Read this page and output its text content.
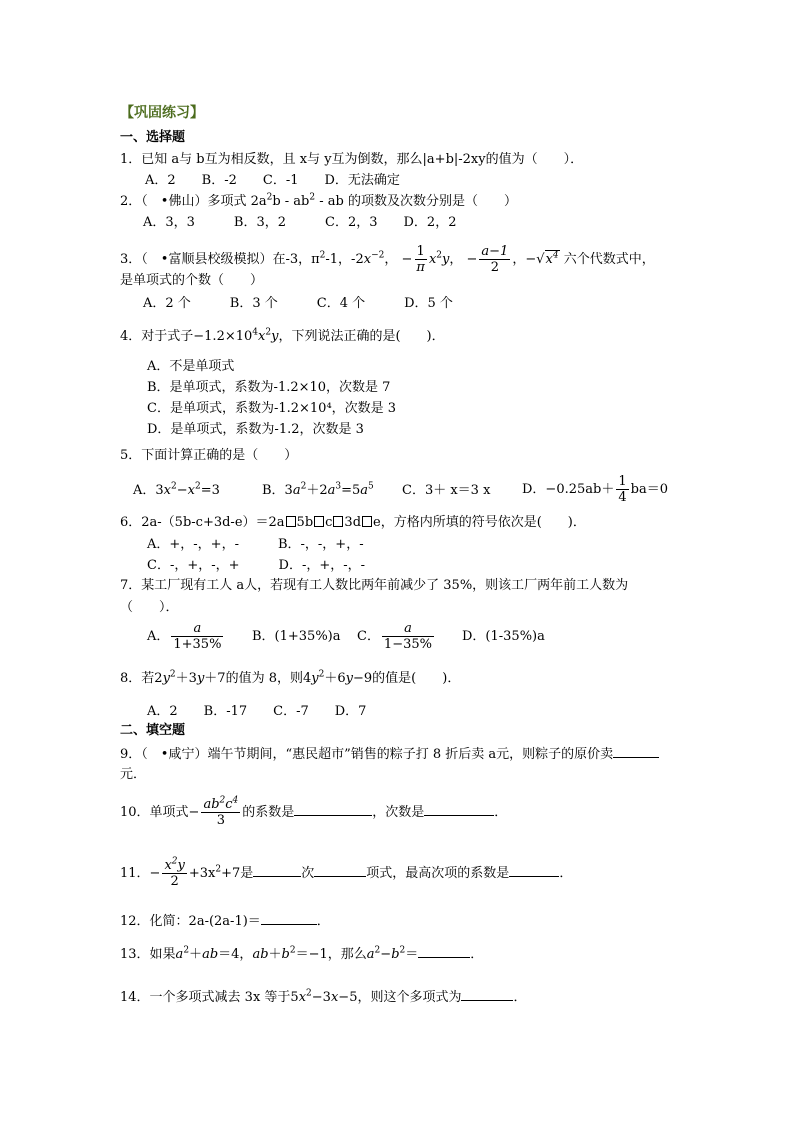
【巩固练习】
一、选择题
1．已知 a与 b互为相反数，且 x与 y互为倒数，那么|a+b|-2xy的值为（　　）．
A．2　　B．-2　　C．-1　　D．无法确定
2．（　•佛山）多项式 $2a^2b - ab^2$ - ab 的项数及次数分别是（　　）
A．3，3　　　B．3，2　　　C．2，3　　D．2，2
3．（　•富顺县校级模拟）在-3，$\pi^2-1$，$-2x^{-2}$， − $\frac{1}{\pi} x^2y$， − $\frac{a-1}{2}$ ，$-√x^4$ 六个代数式中，
是单项式的个数（　　）
A．2 个　　　B．3 个　　　C．4 个　　　D．5 个
4．对于式子$-1.2\times 10^4x^2y$，下列说法正确的是(　　)．
A．不是单项式
B．是单项式，系数为-1.2×10，次数是 7
C．是单项式，系数为-1.2×10⁴，次数是 3
D．是单项式，系数为-1.2，次数是 3
5．下面计算正确的是（　　）
A．$3x^2-x^2=3$	B．$3a^2+2a^3=5a^5$ C．3＋ x＝3 x D．$-0.25ab+ \frac{1}{4} ba=0$
6．2a-（5b-c+3d-e）＝2a 5b c 3d e，方格内所填的符号依次是(　　)．
A．+，-，+，-　　　B．-，-，+，-
C．-，+，-，+　　　D．-，+，-，-
7．某工厂现有工人 a人，若现有工人数比两年前减少了 35%，则该工厂两年前工人数为
（　　）．
A． $\frac{a}{1+35\%}$ B．(1+35%)a C． $\frac{a}{1-35\%}$ D．(1-35%)a
8．若$2y^2+3y+7$的值为 8，则$4y^2+6y-9$的值是(　　)．
A．2　　B．-17　　C．-7　　D．7
二、填空题
9．（　•咸宁）端午节期间，“惠民超市”销售的粽子打 8 折后卖 a元，则粽子的原价卖
元．
10．单项式− $\frac{ab^2c^4}{3}$ 的系数是	，次数是	．
11．− $\frac{x^2y}{2} +3x^2+7$是	次	项式，最高次项的系数是	．
12．化简：2a-(2a-1)＝	．
13．如果$a^2+ab=4$，$ab+b^2=-1$，那么$a^2-b^2=$	．
14．一个多项式减去 3x 等于$5x^2-3x-5$，则这个多项式为	．
